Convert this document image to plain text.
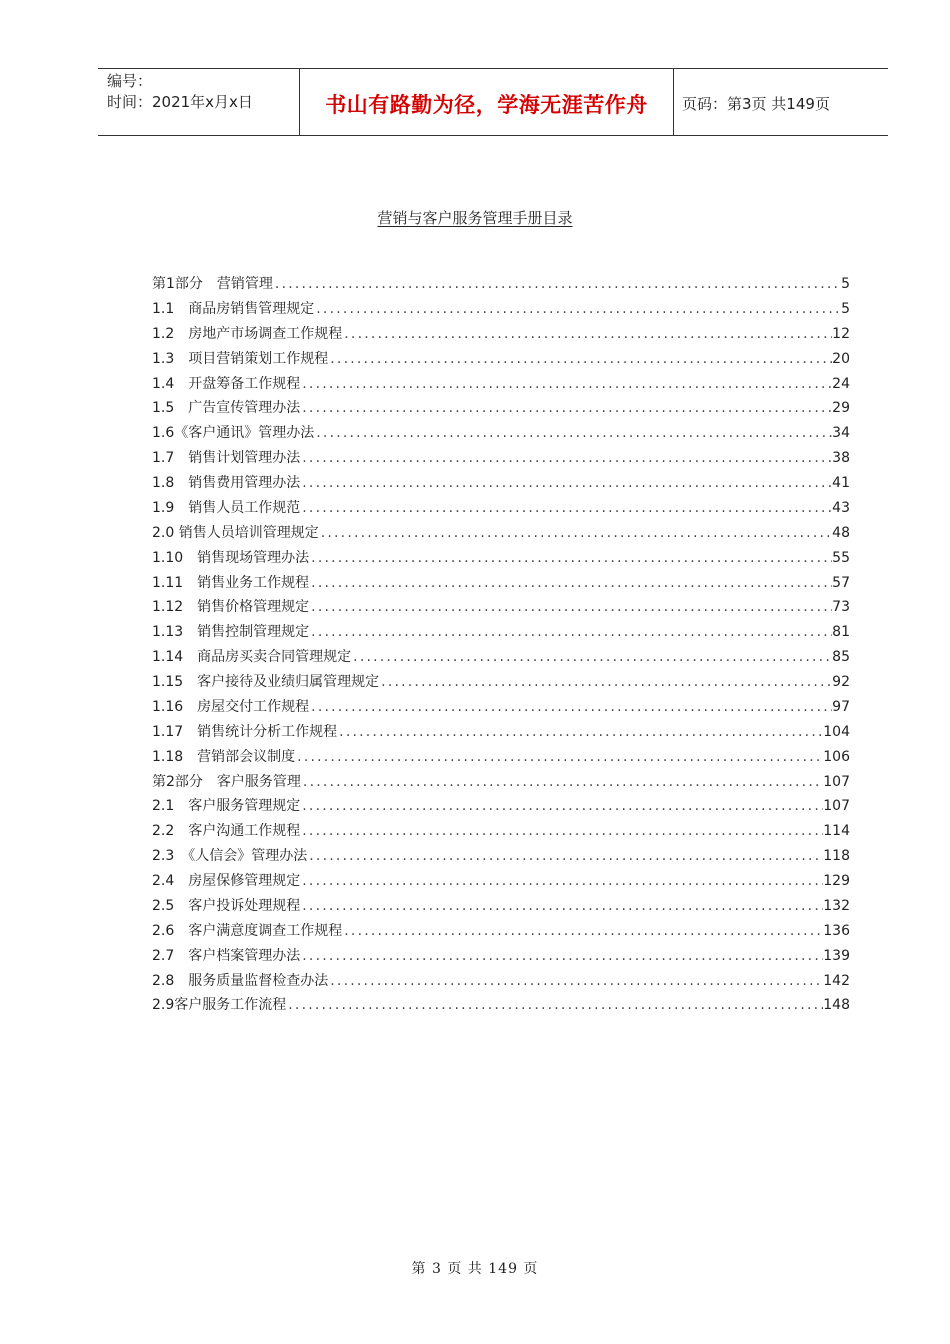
编号：
时间：2021年x月x日	书山有路勤为径，学海无涯苦作舟	页码：第3页 共149页
营销与客户服务管理手册目录
第1部分　营销管理 .....	5
1.1　商品房销售管理规定 .....	5
1.2　房地产市场调查工作规程 .....	12
1.3　项目营销策划工作规程 .....	20
1.4　开盘筹备工作规程 .....	24
1.5　广告宣传管理办法 .....	29
1.6《客户通讯》管理办法 .....	34
1.7　销售计划管理办法 .....	38
1.8　销售费用管理办法 .....	41
1.9　销售人员工作规范 .....	43
2.0 销售人员培训管理规定 .....	48
1.10　销售现场管理办法 .....	55
1.11　销售业务工作规程 .....	57
1.12　销售价格管理规定 .....	73
1.13　销售控制管理规定 .....	81
1.14　商品房买卖合同管理规定 .....	85
1.15　客户接待及业绩归属管理规定 .....	92
1.16　房屋交付工作规程 .....	97
1.17　销售统计分析工作规程 .....	104
1.18　营销部会议制度 .....	106
第2部分　客户服务管理 .....	107
2.1　客户服务管理规定 .....	107
2.2　客户沟通工作规程 .....	114
2.3　《人信会》管理办法 .....	118
2.4　房屋保修管理规定 .....	129
2.5　客户投诉处理规程 .....	132
2.6　客户满意度调查工作规程 .....	136
2.7　客户档案管理办法 .....	139
2.8　服务质量监督检查办法 .....	142
2.9客户服务工作流程 .....	148
第 3 页 共 149 页
